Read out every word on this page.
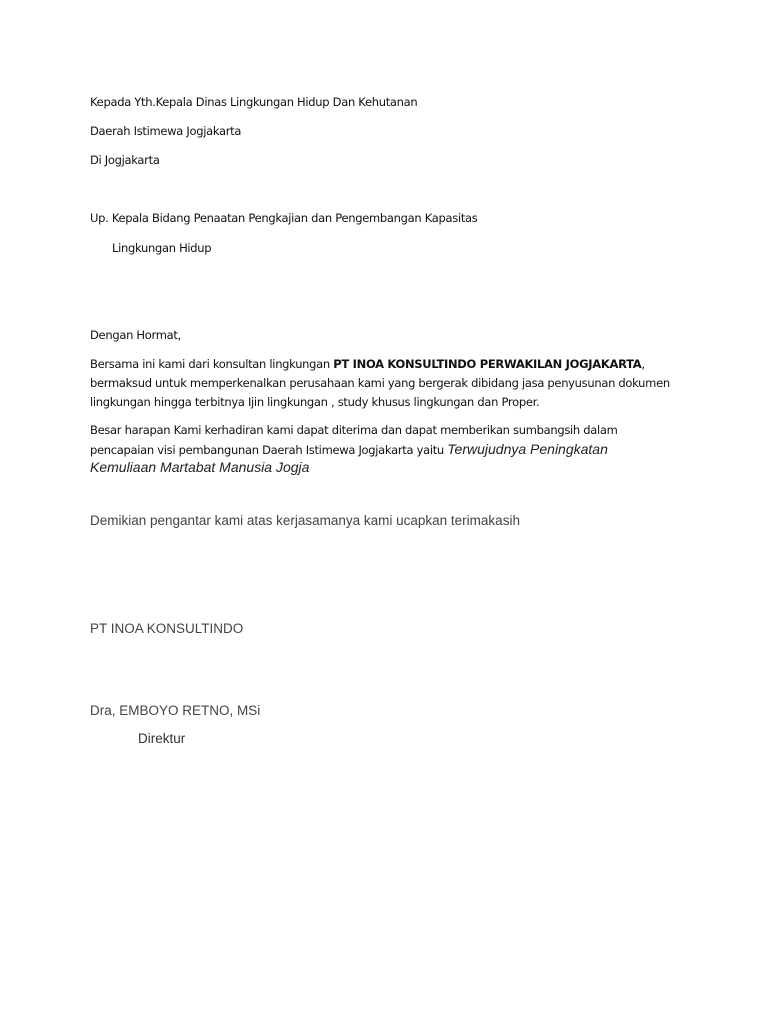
Kepada Yth.Kepala Dinas Lingkungan Hidup Dan Kehutanan
Daerah Istimewa Jogjakarta
Di Jogjakarta
Up. Kepala Bidang Penaatan Pengkajian dan Pengembangan Kapasitas
Lingkungan Hidup
Dengan Hormat,
Bersama ini kami dari konsultan lingkungan PT INOA KONSULTINDO PERWAKILAN JOGJAKARTA,
bermaksud untuk memperkenalkan perusahaan kami yang bergerak dibidang jasa penyusunan dokumen
lingkungan hingga terbitnya Ijin lingkungan , study khusus lingkungan dan Proper.
Besar harapan Kami kerhadiran kami dapat diterima dan dapat memberikan sumbangsih dalam
pencapaian visi pembangunan Daerah Istimewa Jogjakarta yaitu Terwujudnya Peningkatan
Kemuliaan Martabat Manusia Jogja
Demikian pengantar kami atas kerjasamanya kami ucapkan terimakasih
PT INOA KONSULTINDO
Dra, EMBOYO RETNO, MSi
Direktur
